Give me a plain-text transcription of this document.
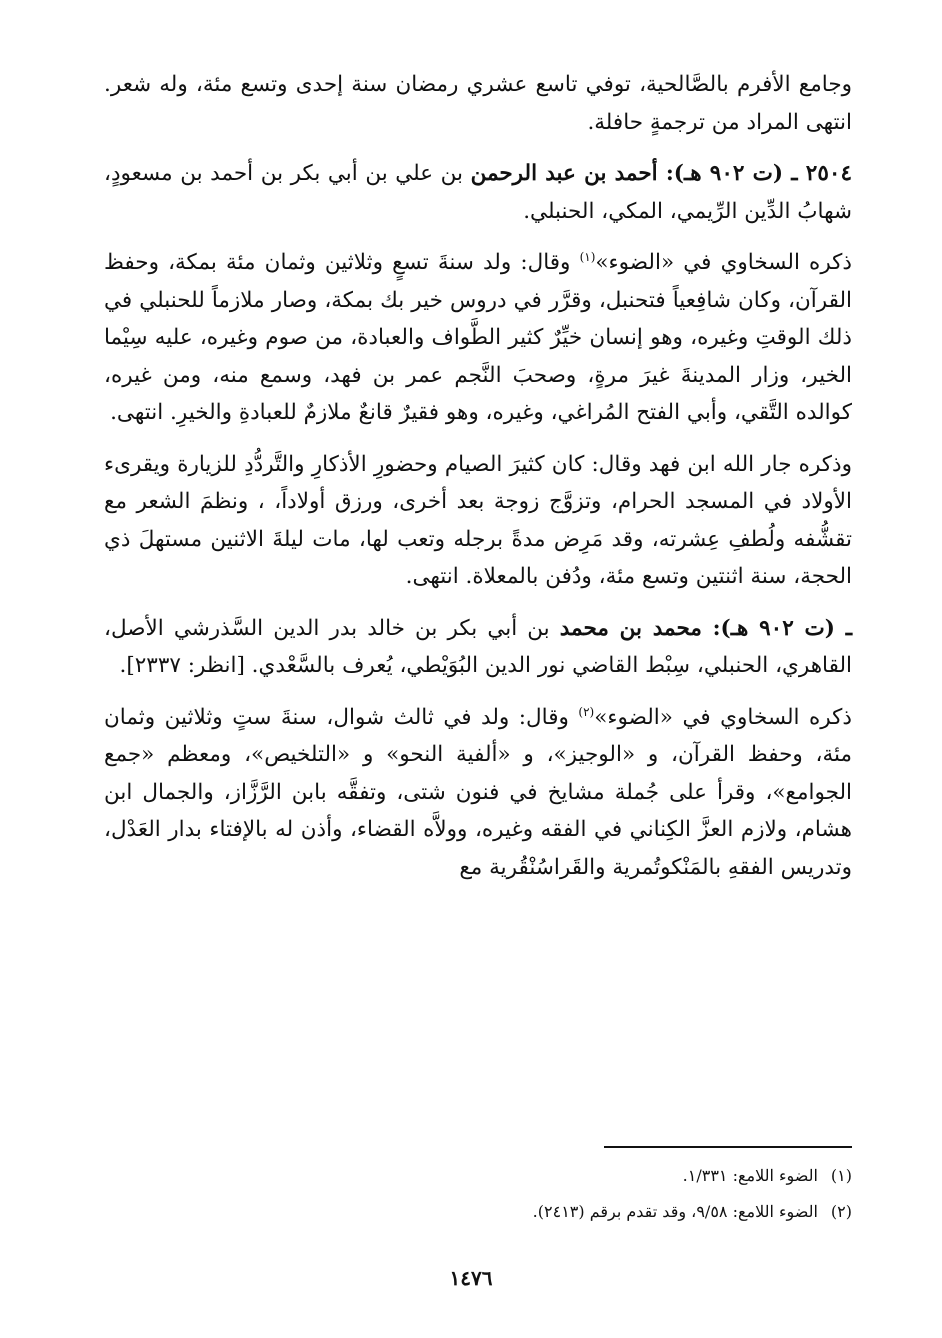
وجامع الأفرم بالصَّالحية، توفي تاسع عشري رمضان سنة إحدى وتسع مئة، وله شعر. انتهى المراد من ترجمةٍ حافلة.

٢٥٠٤ ـ (ت ٩٠٢ هـ): أحمد بن عبد الرحمن بن علي بن أبي بكر بن أحمد بن مسعودٍ، شهابُ الدِّين الرِّيمي، المكي، الحنبلي.

ذكره السخاوي في «الضوء»$^{(١)}$ وقال: ولد سنةَ تسعٍ وثلاثين وثمان مئة بمكة، وحفظ القرآن، وكان شافِعياً فتحنبل، وقرَّر في دروس خير بك بمكة، وصار ملازماً للحنبلي في ذلك الوقتِ وغيره، وهو إنسان خيِّرٌ كثير الطَّواف والعبادة، من صوم وغيره، عليه سِيْما الخير، وزار المدينةَ غيرَ مرةٍ، وصحبَ النَّجم عمر بن فهد، وسمع منه، ومن غيره، كوالده التَّقي، وأبي الفتح المُراغي، وغيره، وهو فقيرٌ قانعٌ ملازمٌ للعبادةِ والخيرِ. انتهى.

وذكره جار الله ابن فهد وقال: كان كثيرَ الصيام وحضورِ الأذكارِ والتَّردُّدِ للزيارة ويقرىء الأولاد في المسجد الحرام، وتزوَّج زوجة بعد أخرى، ورزق أولاداً، ، ونظمَ الشعر مع تقشُّفه ولُطفِ عِشرته، وقد مَرِض مدةً برجله وتعب لها، مات ليلةَ الاثنين مستهلَ ذي الحجة، سنة اثنتين وتسع مئة، ودُفن بالمعلاة. انتهى.

ـ (ت ٩٠٢ هـ): محمد بن محمد بن أبي بكر بن خالد بدر الدين السَّذرشي الأصل، القاهري، الحنبلي، سِبْط القاضي نور الدين البُوَيْطي، يُعرف بالسَّعْدي. [انظر: ٢٣٣٧].

ذكره السخاوي في «الضوء»$^{(٢)}$ وقال: ولد في ثالث شوال، سنةَ ستٍ وثلاثين وثمان مئة، وحفظ القرآن، و «الوجيز»، و «ألفية النحو» و «التلخيص»، ومعظم «جمع الجوامع»، وقرأ على جُملة مشايخ في فنون شتى، وتفقَّه بابن الرَّزَّاز، والجمال ابن هشام، ولازم العزَّ الكِناني في الفقه وغيره، وولاَّه القضاء، وأذن له بالإفتاء بدار العَدْل، وتدريس الفقهِ بالمَنْكوتُمرية والقَراسُنْقُرية مع

(١)الضوء اللامع: ١/٣٣١.
(٢)الضوء اللامع: ٩/٥٨، وقد تقدم برقم (٢٤١٣).
١٤٧٦
